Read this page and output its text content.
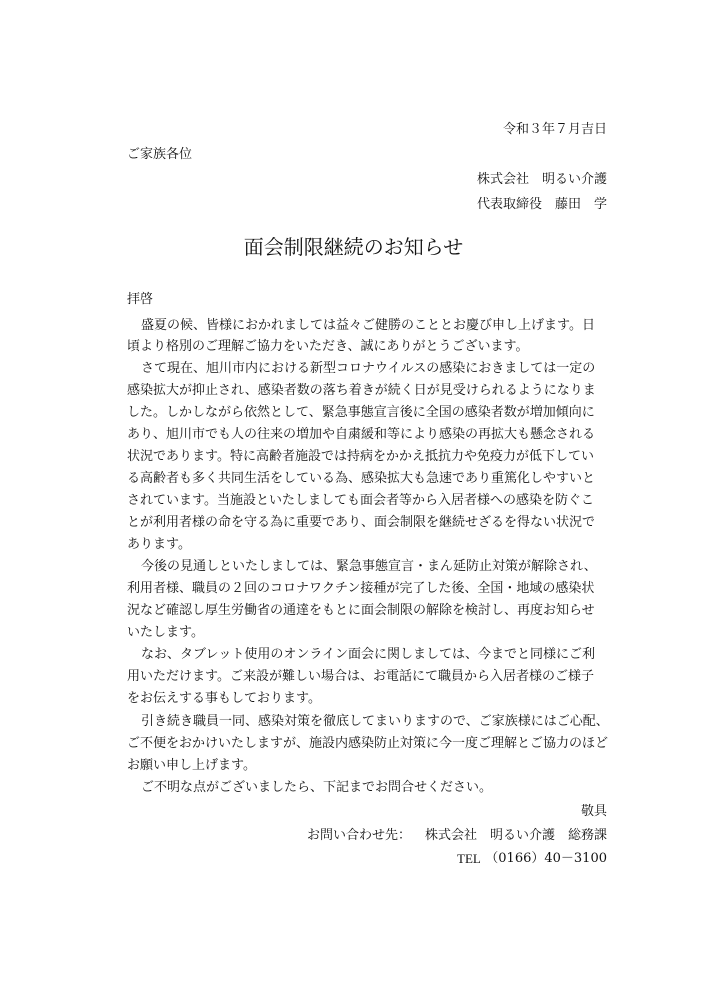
令和３年７月吉日
ご家族各位
株式会社　明るい介護
代表取締役　藤田　学
面会制限継続のお知らせ
拝啓
盛夏の候、皆様におかれましては益々ご健勝のこととお慶び申し上げます。日
頃より格別のご理解ご協力をいただき、誠にありがとうございます。
さて現在、旭川市内における新型コロナウイルスの感染におきましては一定の
感染拡大が抑止され、感染者数の落ち着きが続く日が見受けられるようになりま
した。しかしながら依然として、緊急事態宣言後に全国の感染者数が増加傾向に
あり、旭川市でも人の往来の増加や自粛緩和等により感染の再拡大も懸念される
状況であります。特に高齢者施設では持病をかかえ抵抗力や免疫力が低下してい
る高齢者も多く共同生活をしている為、感染拡大も急速であり重篤化しやすいと
されています。当施設といたしましても面会者等から入居者様への感染を防ぐこ
とが利用者様の命を守る為に重要であり、面会制限を継続せざるを得ない状況で
あります。
今後の見通しといたしましては、緊急事態宣言・まん延防止対策が解除され、
利用者様、職員の２回のコロナワクチン接種が完了した後、全国・地域の感染状
況など確認し厚生労働省の通達をもとに面会制限の解除を検討し、再度お知らせ
いたします。
なお、タブレット使用のオンライン面会に関しましては、今までと同様にご利
用いただけます。ご来設が難しい場合は、お電話にて職員から入居者様のご様子
をお伝えする事もしております。
引き続き職員一同、感染対策を徹底してまいりますので、ご家族様にはご心配、
ご不便をおかけいたしますが、施設内感染防止対策に今一度ご理解とご協力のほど
お願い申し上げます。
ご不明な点がございましたら、下記までお問合せください。
敬具
お問い合わせ先： 株式会社　明るい介護　総務課
TEL （0166）40－3100
